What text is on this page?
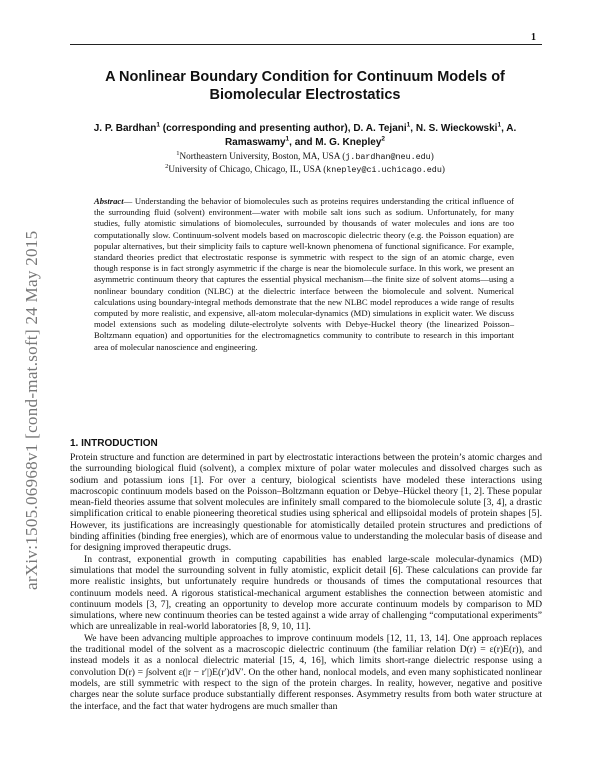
1
arXiv:1505.06968v1 [cond-mat.soft] 24 May 2015
A Nonlinear Boundary Condition for Continuum Models of
Biomolecular Electrostatics
J. P. Bardhan$^1$ (corresponding and presenting author), D. A. Tejani$^1$, N. S. Wieckowski$^1$, A. Ramaswamy$^1$, and M. G. Knepley$^2$
$^1$Northeastern University, Boston, MA, USA (j.bardhan@neu.edu)
$^2$University of Chicago, Chicago, IL, USA (knepley@ci.uchicago.edu)
Abstract— Understanding the behavior of biomolecules such as proteins requires understanding the critical influence of the surrounding fluid (solvent) environment—water with mobile salt ions such as sodium. Unfortunately, for many studies, fully atomistic simulations of biomolecules, surrounded by thousands of water molecules and ions are too computationally slow. Continuum-solvent models based on macroscopic dielectric theory (e.g. the Poisson equation) are popular alternatives, but their simplicity fails to capture well-known phenomena of functional significance. For example, standard theories predict that electrostatic response is symmetric with respect to the sign of an atomic charge, even though response is in fact strongly asymmetric if the charge is near the biomolecule surface. In this work, we present an asymmetric continuum theory that captures the essential physical mechanism—the finite size of solvent atoms—using a nonlinear boundary condition (NLBC) at the dielectric interface between the biomolecule and solvent. Numerical calculations using boundary-integral methods demonstrate that the new NLBC model reproduces a wide range of results computed by more realistic, and expensive, all-atom molecular-dynamics (MD) simulations in explicit water. We discuss model extensions such as modeling dilute-electrolyte solvents with Debye-Huckel theory (the linearized Poisson–Boltzmann equation) and opportunities for the electromagnetics community to contribute to research in this important area of molecular nanoscience and engineering.
1. INTRODUCTION

Protein structure and function are determined in part by electrostatic interactions between the protein’s atomic charges and the surrounding biological fluid (solvent), a complex mixture of polar water molecules and dissolved charges such as sodium and potassium ions [1]. For over a century, biological scientists have modeled these interactions using macroscopic continuum models based on the Poisson–Boltzmann equation or Debye–Hückel theory [1, 2]. These popular mean-field theories assume that solvent molecules are infinitely small compared to the biomolecule solute [3, 4], a drastic simplification critical to enable pioneering theoretical studies using spherical and ellipsoidal models of protein shapes [5]. However, its justifications are increasingly questionable for atomistically detailed protein structures and predictions of binding affinities (binding free energies), which are of enormous value to understanding the molecular basis of disease and for designing improved therapeutic drugs.

In contrast, exponential growth in computing capabilities has enabled large-scale molecular-dynamics (MD) simulations that model the surrounding solvent in fully atomistic, explicit detail [6]. These calculations can provide far more realistic insights, but unfortunately require hundreds or thousands of times the computational resources that continuum models need. A rigorous statistical-mechanical argument establishes the connection between atomistic and continuum models [3, 7], creating an opportunity to develop more accurate continuum models by comparison to MD simulations, where new continuum theories can be tested against a wide array of challenging “computational experiments” which are unrealizable in real-world laboratories [8, 9, 10, 11].

We have been advancing multiple approaches to improve continuum models [12, 11, 13, 14]. One approach replaces the traditional model of the solvent as a macroscopic dielectric continuum (the familiar relation D(r) = ε(r)E(r)), and instead models it as a nonlocal dielectric material [15, 4, 16], which limits short-range dielectric response using a convolution D(r) = ∫solvent ε(|r − r′|)E(r′)dV′. On the other hand, nonlocal models, and even many sophisticated nonlinear models, are still symmetric with respect to the sign of the protein charges. In reality, however, negative and positive charges near the solute surface produce substantially different responses. Asymmetry results from both water structure at the interface, and the fact that water hydrogens are much smaller than
